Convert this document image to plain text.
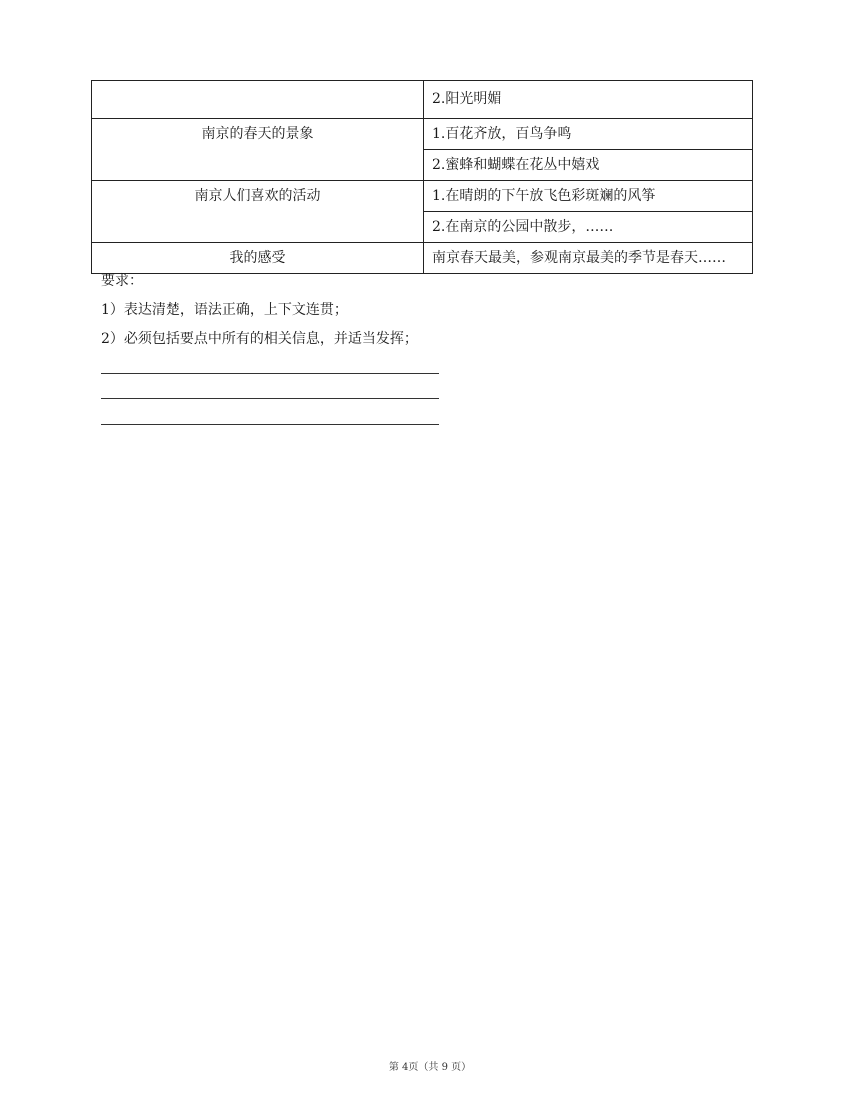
	2.阳光明媚
南京的春天的景象	1.百花齐放，百鸟争鸣
	2.蜜蜂和蝴蝶在花丛中嬉戏
南京人们喜欢的活动	1.在晴朗的下午放飞色彩斑斓的风筝
	2.在南京的公园中散步，……
我的感受	南京春天最美，参观南京最美的季节是春天……
要求：
1）表达清楚，语法正确，上下文连贯；
2）必须包括要点中所有的相关信息，并适当发挥；
第 4页（共 9 页）
